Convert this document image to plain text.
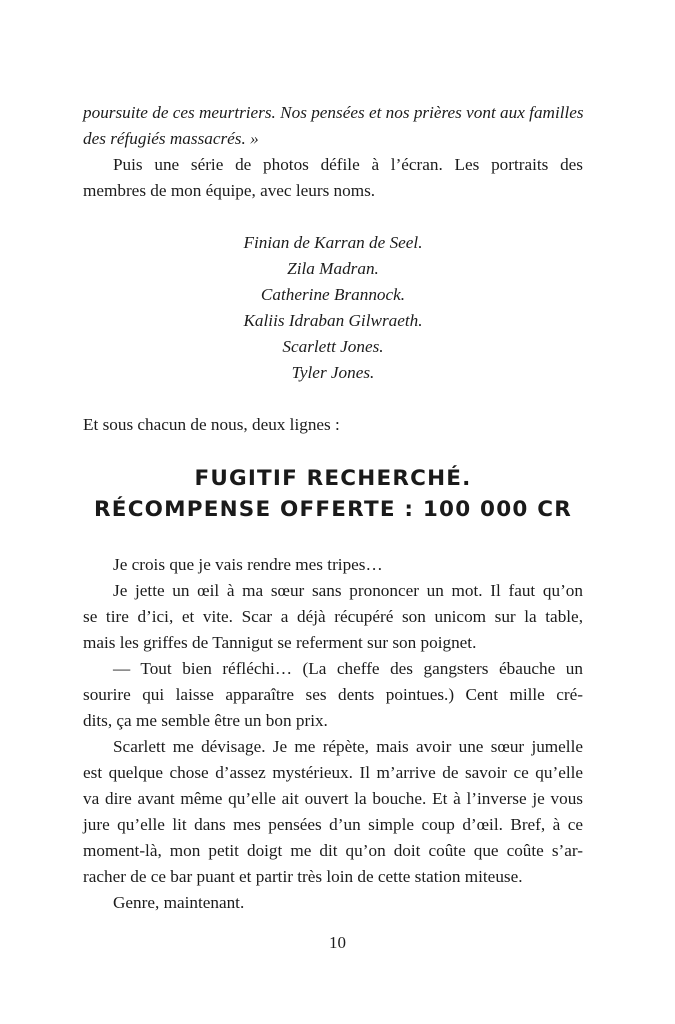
poursuite de ces meurtriers. Nos pensées et nos prières vont aux familles
des réfugiés massacrés. »
Puis une série de photos défile à l’écran. Les portraits des
membres de mon équipe, avec leurs noms.
Finian de Karran de Seel.
Zila Madran.
Catherine Brannock.
Kaliis Idraban Gilwraeth.
Scarlett Jones.
Tyler Jones.
Et sous chacun de nous, deux lignes :
FUGITIF RECHERCHÉ.
RÉCOMPENSE OFFERTE : 100 000 CR
Je crois que je vais rendre mes tripes…
Je jette un œil à ma sœur sans prononcer un mot. Il faut qu’on
se tire d’ici, et vite. Scar a déjà récupéré son unicom sur la table,
mais les griffes de Tannigut se referment sur son poignet.
— Tout bien réfléchi… (La cheffe des gangsters ébauche un
sourire qui laisse apparaître ses dents pointues.) Cent mille cré-
dits, ça me semble être un bon prix.
Scarlett me dévisage. Je me répète, mais avoir une sœur jumelle
est quelque chose d’assez mystérieux. Il m’arrive de savoir ce qu’elle
va dire avant même qu’elle ait ouvert la bouche. Et à l’inverse je vous
jure qu’elle lit dans mes pensées d’un simple coup d’œil. Bref, à ce
moment-là, mon petit doigt me dit qu’on doit coûte que coûte s’ar-
racher de ce bar puant et partir très loin de cette station miteuse.
Genre, maintenant.
10
